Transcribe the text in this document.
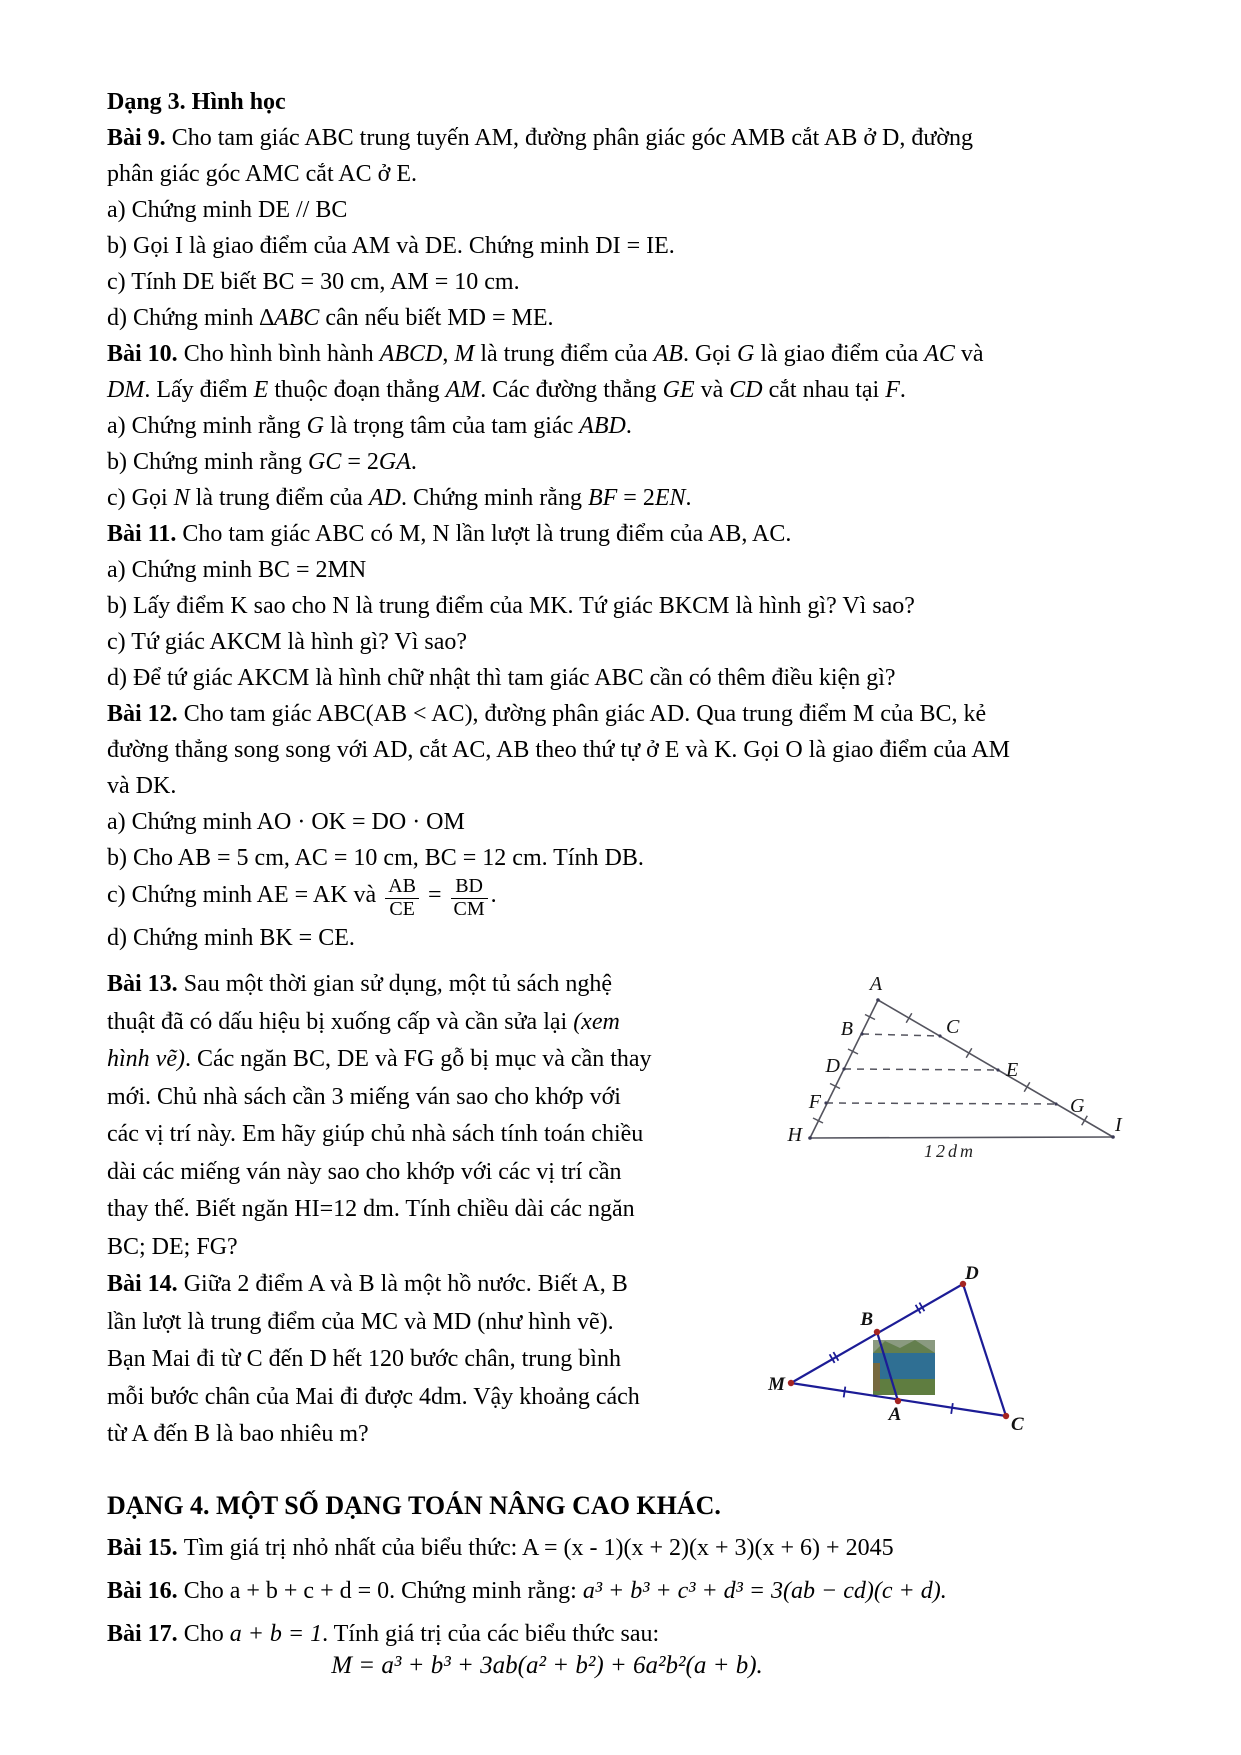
Dạng 3. Hình học
Bài 9. Cho tam giác ABC trung tuyến AM, đường phân giác góc AMB cắt AB ở D, đường
phân giác góc AMC cắt AC ở E.
a) Chứng minh DE // BC
b) Gọi I là giao điểm của AM và DE. Chứng minh DI = IE.
c) Tính DE biết BC = 30 cm, AM = 10 cm.
d) Chứng minh ∆ABC cân nếu biết MD = ME.
Bài 10. Cho hình bình hành ABCD, M là trung điểm của AB. Gọi G là giao điểm của AC và
DM. Lấy điểm E thuộc đoạn thẳng AM. Các đường thẳng GE và CD cắt nhau tại F.
a) Chứng minh rằng G là trọng tâm của tam giác ABD.
b) Chứng minh rằng GC = 2GA.
c) Gọi N là trung điểm của AD. Chứng minh rằng BF = 2EN.
Bài 11. Cho tam giác ABC có M, N lần lượt là trung điểm của AB, AC.
a) Chứng minh BC = 2MN
b) Lấy điểm K sao cho N là trung điểm của MK. Tứ giác BKCM là hình gì? Vì sao?
c) Tứ giác AKCM là hình gì? Vì sao?
d) Để tứ giác AKCM là hình chữ nhật thì tam giác ABC cần có thêm điều kiện gì?
Bài 12. Cho tam giác ABC(AB < AC), đường phân giác AD. Qua trung điểm M của BC, kẻ
đường thẳng song song với AD, cắt AC, AB theo thứ tự ở E và K. Gọi O là giao điểm của AM
và DK.
a) Chứng minh AO · OK = DO · OM
b) Cho AB = 5 cm, AC = 10 cm, BC = 12 cm. Tính DB.
c) Chứng minh AE = AK và $\frac{AB}{CE} = \frac{BD}{CM}$ .
d) Chứng minh BK = CE.
Bài 13. Sau một thời gian sử dụng, một tủ sách nghệ
thuật đã có dấu hiệu bị xuống cấp và cần sửa lại (xem
hình vẽ). Các ngăn BC, DE và FG gỗ bị mục và cần thay
mới. Chủ nhà sách cần 3 miếng ván sao cho khớp với
các vị trí này. Em hãy giúp chủ nhà sách tính toán chiều
dài các miếng ván này sao cho khớp với các vị trí cần
thay thế. Biết ngăn HI=12 dm. Tính chiều dài các ngăn
BC; DE; FG?
Bài 14. Giữa 2 điểm A và B là một hồ nước. Biết A, B
lần lượt là trung điểm của MC và MD (như hình vẽ).
Bạn Mai đi từ C đến D hết 120 bước chân, trung bình
mỗi bước chân của Mai đi được 4dm. Vậy khoảng cách
từ A đến B là bao nhiêu m?
DẠNG 4. MỘT SỐ DẠNG TOÁN NÂNG CAO KHÁC.
Bài 15. Tìm giá trị nhỏ nhất của biểu thức: A = (x - 1)(x + 2)(x + 3)(x + 6) + 2045
Bài 16. Cho a + b + c + d = 0. Chứng minh rằng: a³ + b³ + c³ + d³ = 3(ab − cd)(c + d).
Bài 17. Cho a + b = 1. Tính giá trị của các biểu thức sau:
M = a³ + b³ + 3ab(a² + b²) + 6a²b²(a + b).
A
B	C
D	E
F	G
H	I
12dm
M
D
B
A	C
